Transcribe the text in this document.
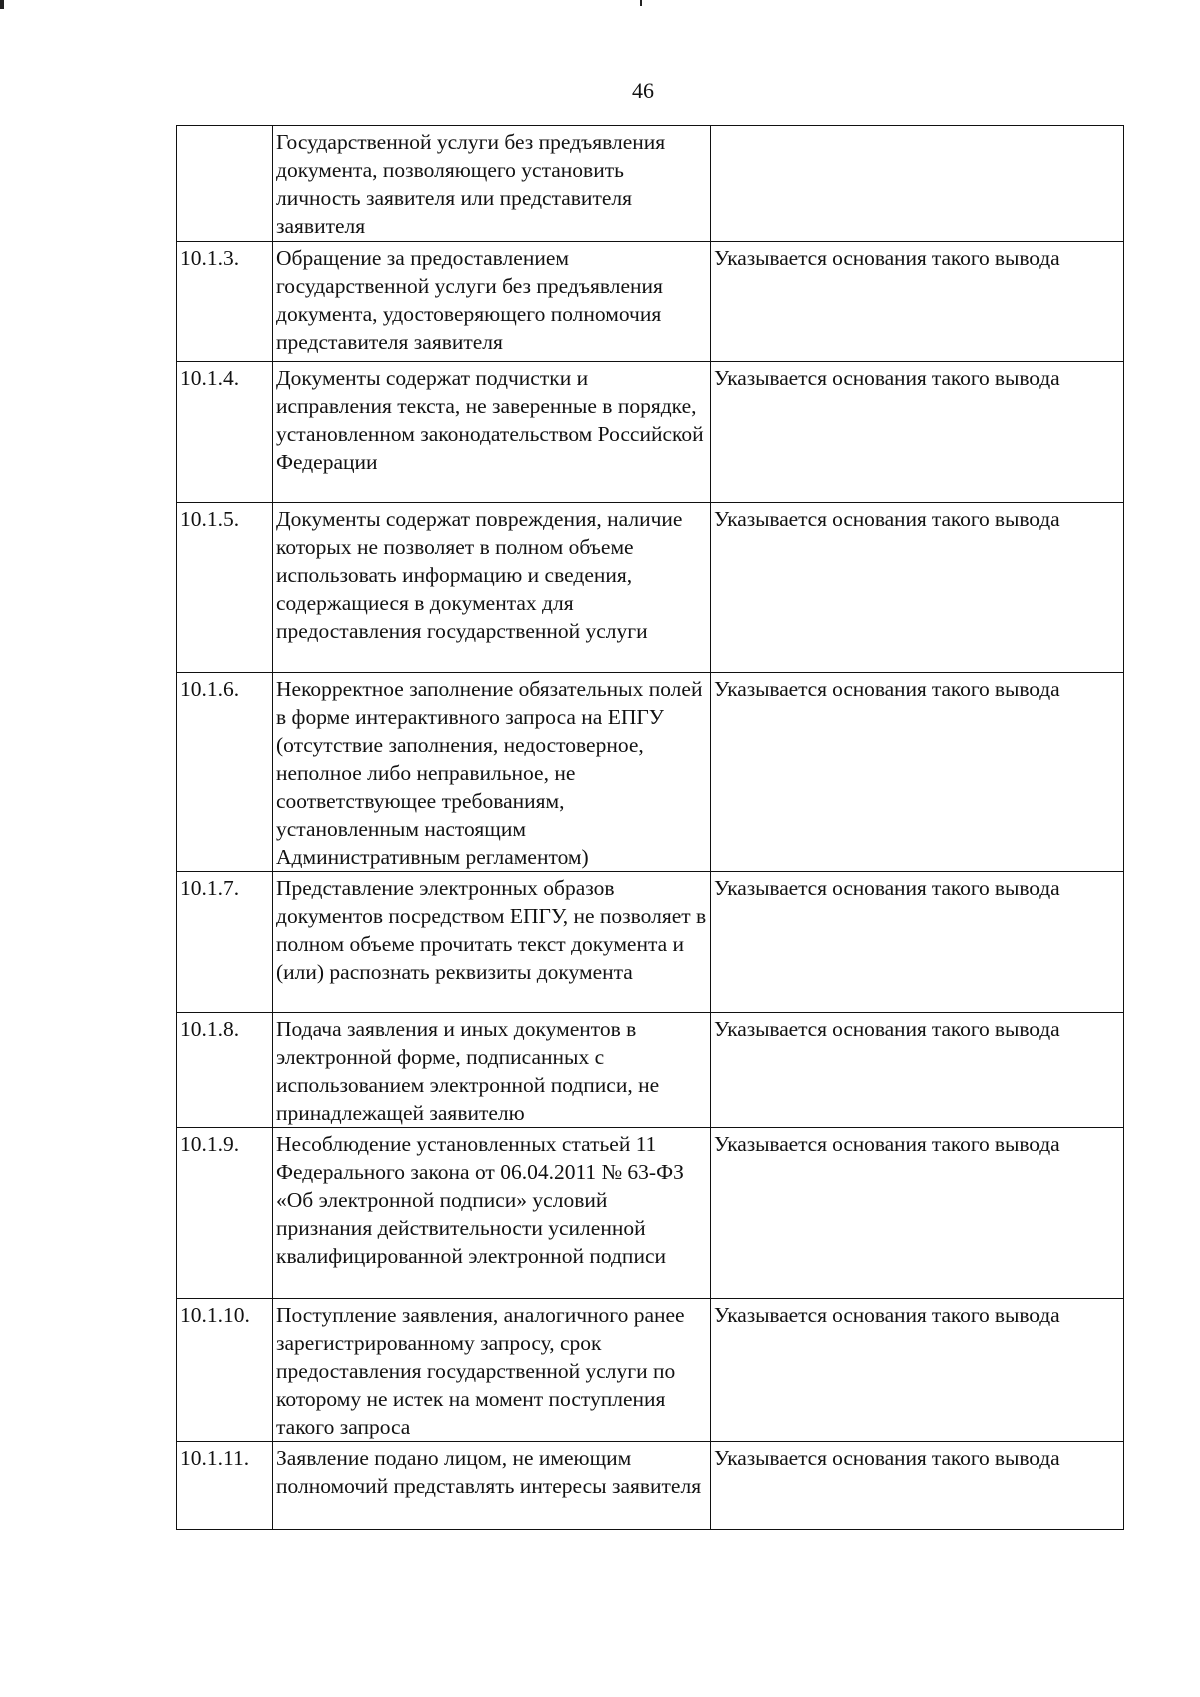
46
	Государственной услуги без предъявления документа, позволяющего установить личность заявителя или представителя заявителя	
10.1.3.	Обращение за предоставлением государственной услуги без предъявления документа, удостоверяющего полномочия представителя заявителя	Указывается основания такого вывода
10.1.4.	Документы содержат подчистки и исправления текста, не заверенные в порядке, установленном законодательством Российской Федерации	Указывается основания такого вывода
10.1.5.	Документы содержат повреждения, наличие которых не позволяет в полном объеме использовать информацию и сведения, содержащиеся в документах для предоставления государственной услуги	Указывается основания такого вывода
10.1.6.	Некорректное заполнение обязательных полей в форме интерактивного запроса на ЕПГУ (отсутствие заполнения, недостоверное, неполное либо неправильное, не соответствующее требованиям, установленным настоящим Административным регламентом)	Указывается основания такого вывода
10.1.7.	Представление электронных образов документов посредством ЕПГУ, не позволяет в полном объеме прочитать текст документа и (или) распознать реквизиты документа	Указывается основания такого вывода
10.1.8.	Подача заявления и иных документов в электронной форме, подписанных с использованием электронной подписи, не принадлежащей заявителю	Указывается основания такого вывода
10.1.9.	Несоблюдение установленных статьей 11 Федерального закона от 06.04.2011 № 63-ФЗ «Об электронной подписи» условий признания действительности усиленной квалифицированной электронной подписи	Указывается основания такого вывода
10.1.10.	Поступление заявления, аналогичного ранее зарегистрированному запросу, срок предоставления государственной услуги по которому не истек на момент поступления такого запроса	Указывается основания такого вывода
10.1.11.	Заявление подано лицом, не имеющим полномочий представлять интересы заявителя	Указывается основания такого вывода
